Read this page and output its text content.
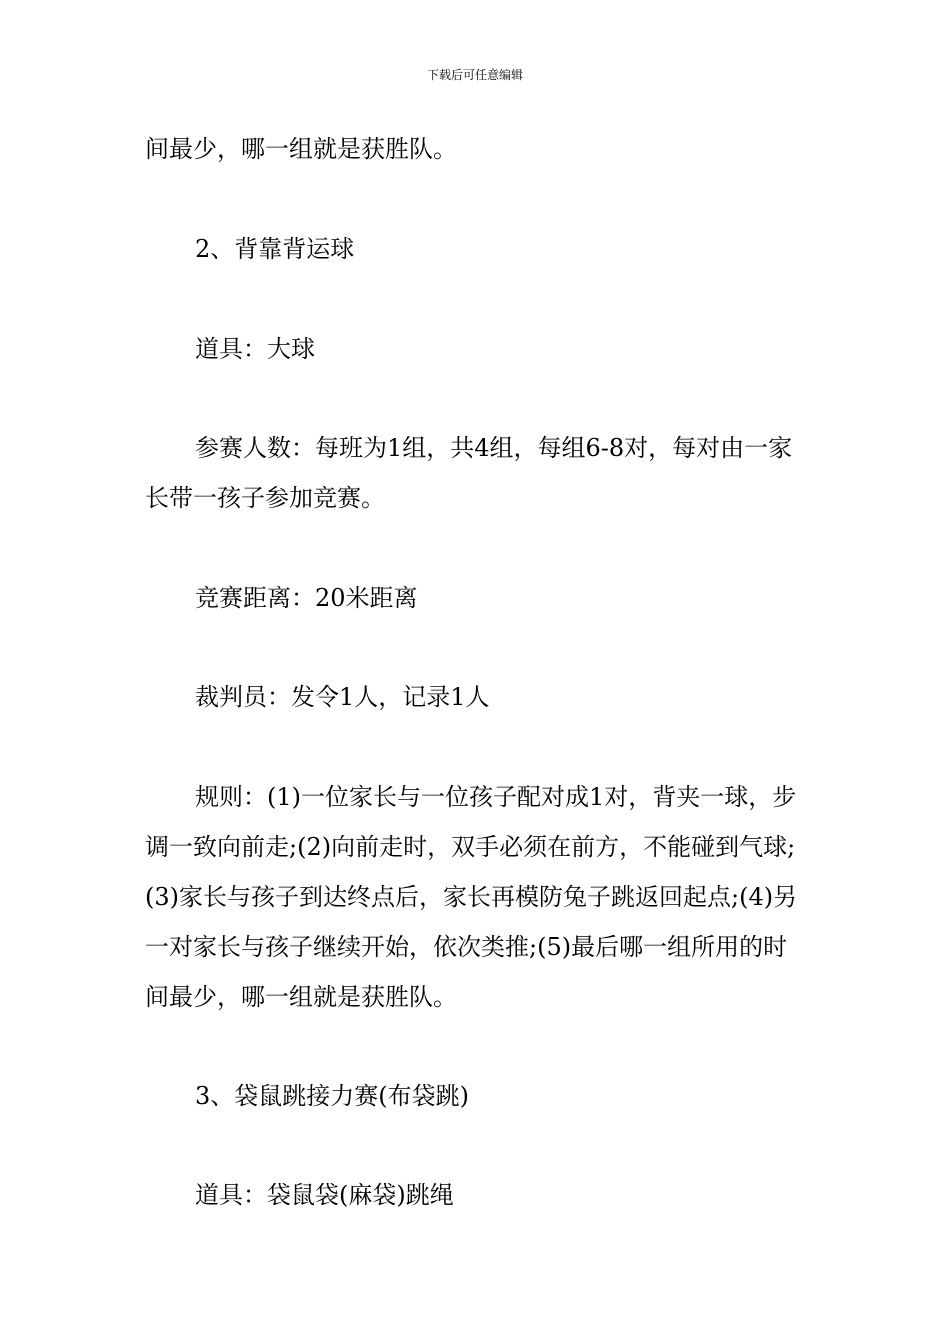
下载后可任意编辑

间最少，哪一组就是获胜队。

2、背靠背运球

道具：大球

参赛人数：每班为1组，共4组，每组6-8对，每对由一家长带一孩子参加竞赛。

竞赛距离：20米距离

裁判员：发令1人，记录1人

规则：(1)一位家长与一位孩子配对成1对，背夹一球，步调一致向前走;(2)向前走时，双手必须在前方，不能碰到气球;(3)家长与孩子到达终点后，家长再模防兔子跳返回起点;(4)另一对家长与孩子继续开始，依次类推;(5)最后哪一组所用的时间最少，哪一组就是获胜队。

3、袋鼠跳接力赛(布袋跳)

道具：袋鼠袋(麻袋)跳绳
